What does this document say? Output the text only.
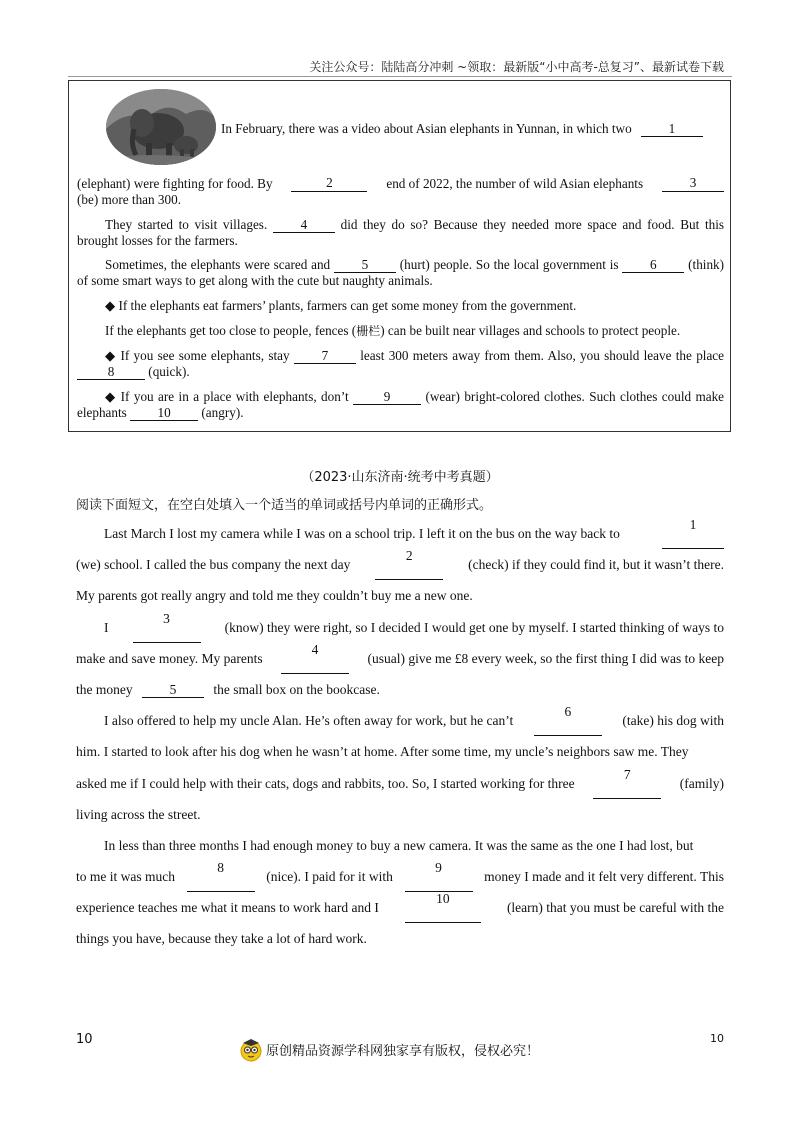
关注公众号：陆陆高分冲刺 ~领取：最新版“小中高考-总复习”、最新试卷下载
In February, there was a video about Asian elephants in Yunnan, in which two	1
(elephant) were fighting for food. By	2	end of 2022, the number of wild Asian elephants	3
(be) more than 300.
They started to visit villages.	4	did they do so? Because they needed more space and food. But this brought losses for the farmers.
Sometimes, the elephants were scared and 5 (hurt) people. So the local government is 6 (think) of some smart ways to get along with the cute but naughty animals.
◆ If the elephants eat farmers’ plants, farmers can get some money from the government.
If the elephants get too close to people, fences (栅栏) can be built near villages and schools to protect people.
◆ If you see some elephants, stay 7 least 300 meters away from them. Also, you should leave the place 8	(quick).
◆ If you are in a place with elephants, don’t	9	(wear) bright-colored clothes. Such clothes could make elephants 10 (angry).
（2023·山东济南·统考中考真题）
阅读下面短文，在空白处填入一个适当的单词或括号内单词的正确形式。
Last March I lost my camera while I was on a school trip. I left it on the bus on the way back to
1
(we) school. I called the bus company the next day
2
(check) if they could find it, but it wasn’t there.
My parents got really angry and told me they couldn’t buy me a new one.
I
3
(know) they were right, so I decided I would get one by myself. I started thinking of ways to
make and save money. My parents
4
(usual) give me £8 every week, so the first thing I did was to keep
the money	5	the small box on the bookcase.
I also offered to help my uncle Alan. He’s often away for work, but he can’t
6
(take) his dog with
him. I started to look after his dog when he wasn’t at home. After some time, my uncle’s neighbors saw me. They
asked me if I could help with their cats, dogs and rabbits, too. So, I started working for three
7
(family)
living across the street.
In less than three months I had enough money to buy a new camera. It was the same as the one I had lost, but
to me it was much
8
(nice). I paid for it with
9
money I made and it felt very different. This
experience teaches me what it means to work hard and I
10
(learn) that you must be careful with the
things you have, because they take a lot of hard work.
10
原创精品资源学科网独家享有版权，侵权必究！
10
